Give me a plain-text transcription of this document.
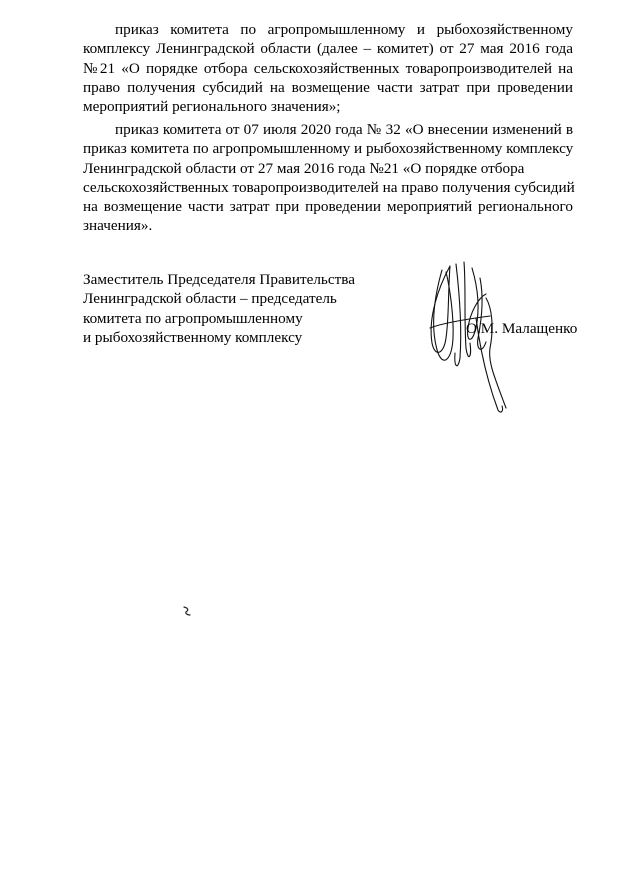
приказ комитета по агропромышленному и рыбохозяйственному
комплексу Ленинградской области (далее – комитет) от 27 мая 2016 года
№21 «О порядке отбора сельскохозяйственных товаропроизводителей на
право получения субсидий на возмещение части затрат при проведении
мероприятий регионального значения»;

приказ комитета от 07 июля 2020 года № 32 «О внесении изменений в
приказ комитета по агропромышленному и рыбохозяйственному комплексу
Ленинградской области от 27 мая 2016 года №21 «О порядке отбора
сельскохозяйственных товаропроизводителей на право получения субсидий
на возмещение части затрат при проведении мероприятий регионального
значения».

Заместитель Председателя Правительства
Ленинградской области – председатель
комитета по агропромышленному
и рыбохозяйственному комплексу
О.М. Малащенко
